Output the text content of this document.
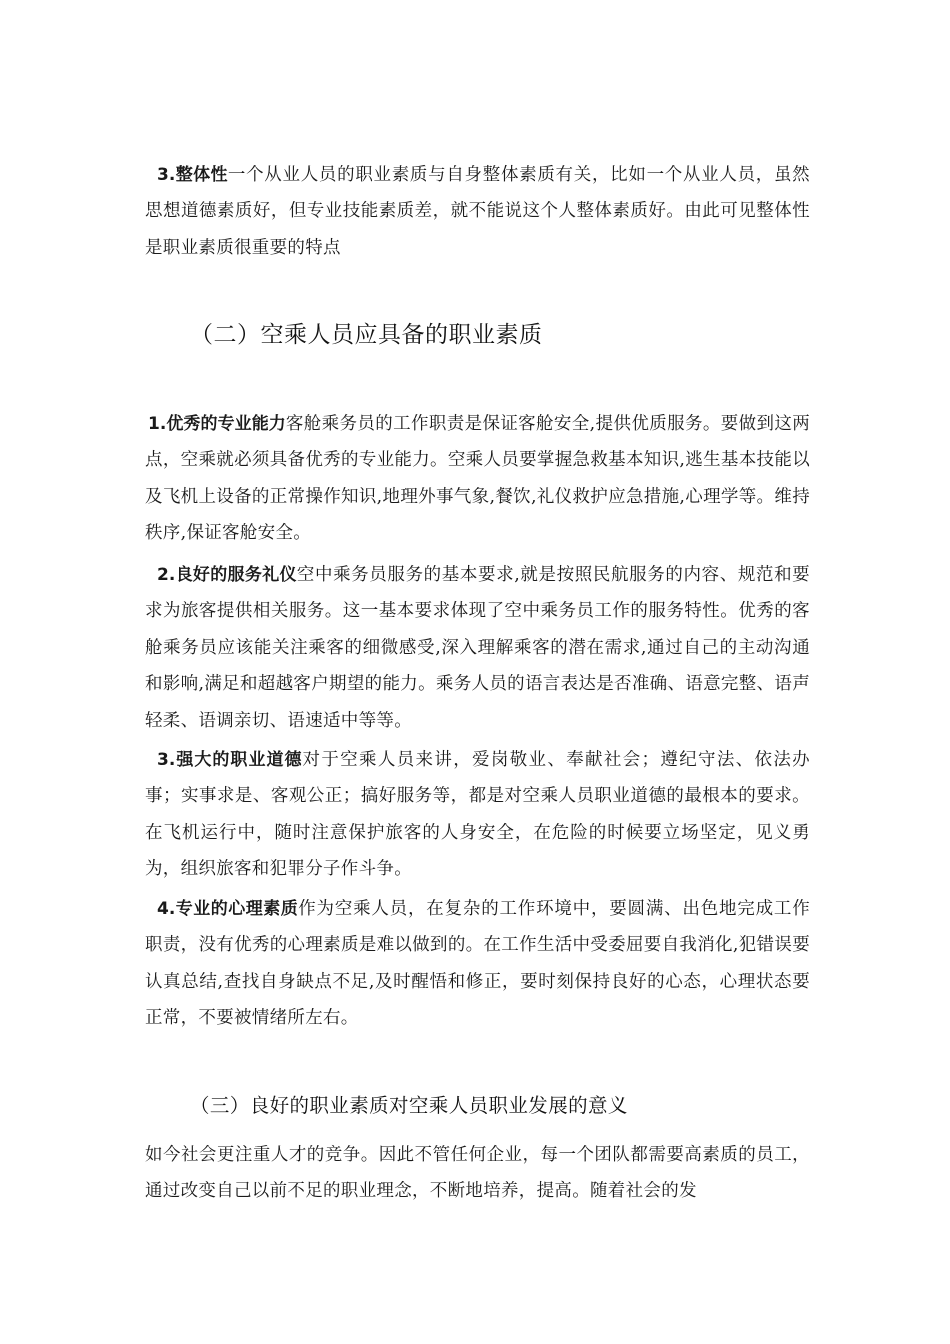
3.整体性一个从业人员的职业素质与自身整体素质有关，比如一个从业人员，虽然思想道德素质好，但专业技能素质差，就不能说这个人整体素质好。由此可见整体性是职业素质很重要的特点
（二）空乘人员应具备的职业素质
1.优秀的专业能力客舱乘务员的工作职责是保证客舱安全,提供优质服务。要做到这两点，空乘就必须具备优秀的专业能力。空乘人员要掌握急救基本知识,逃生基本技能以及飞机上设备的正常操作知识,地理外事气象,餐饮,礼仪救护应急措施,心理学等。维持秩序,保证客舱安全。
2.良好的服务礼仪空中乘务员服务的基本要求,就是按照民航服务的内容、规范和要求为旅客提供相关服务。这一基本要求体现了空中乘务员工作的服务特性。优秀的客舱乘务员应该能关注乘客的细微感受,深入理解乘客的潜在需求,通过自己的主动沟通和影响,满足和超越客户期望的能力。乘务人员的语言表达是否准确、语意完整、语声轻柔、语调亲切、语速适中等等。
3.强大的职业道德对于空乘人员来讲，爱岗敬业、奉献社会；遵纪守法、依法办事；实事求是、客观公正；搞好服务等，都是对空乘人员职业道德的最根本的要求。在飞机运行中，随时注意保护旅客的人身安全，在危险的时候要立场坚定，见义勇为，组织旅客和犯罪分子作斗争。
4.专业的心理素质作为空乘人员，在复杂的工作环境中，要圆满、出色地完成工作职责，没有优秀的心理素质是难以做到的。在工作生活中受委屈要自我消化,犯错误要认真总结,查找自身缺点不足,及时醒悟和修正，要时刻保持良好的心态，心理状态要正常，不要被情绪所左右。
（三）良好的职业素质对空乘人员职业发展的意义
如今社会更注重人才的竞争。因此不管任何企业，每一个团队都需要高素质的员工，通过改变自己以前不足的职业理念，不断地培养，提高。随着社会的发
